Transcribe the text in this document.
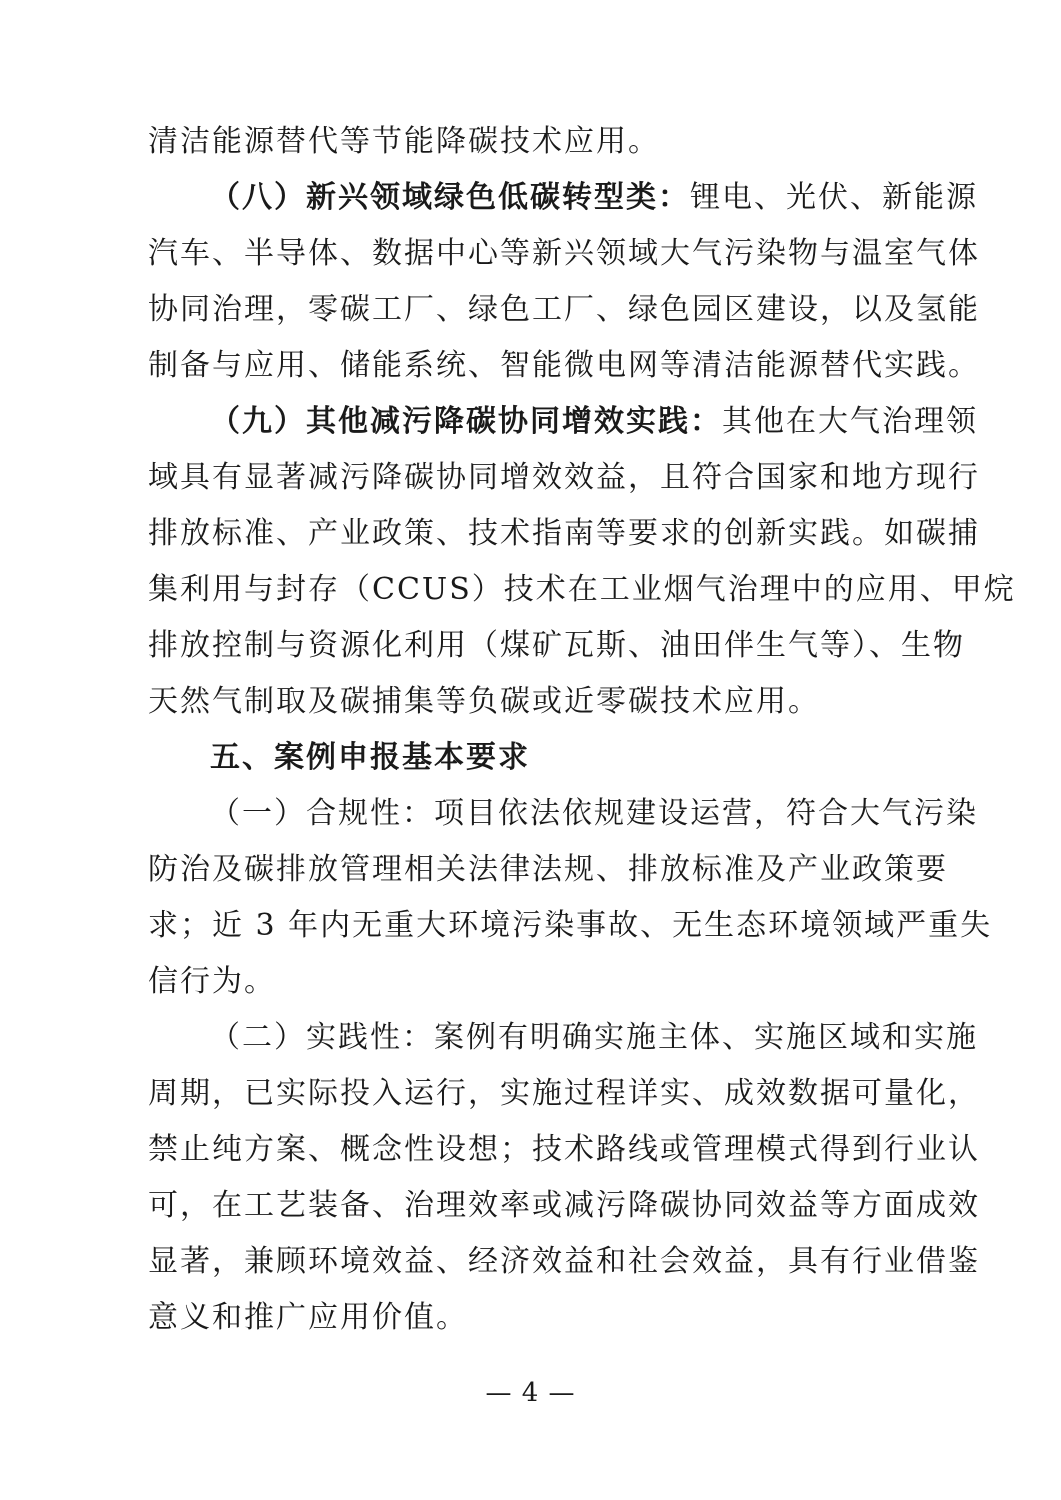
清洁能源替代等节能降碳技术应用。
（八）新兴领域绿色低碳转型类：锂电、光伏、新能源
汽车、半导体、数据中心等新兴领域大气污染物与温室气体
协同治理，零碳工厂、绿色工厂、绿色园区建设，以及氢能
制备与应用、储能系统、智能微电网等清洁能源替代实践。
（九）其他减污降碳协同增效实践：其他在大气治理领
域具有显著减污降碳协同增效效益，且符合国家和地方现行
排放标准、产业政策、技术指南等要求的创新实践。如碳捕
集利用与封存（CCUS）技术在工业烟气治理中的应用、甲烷
排放控制与资源化利用（煤矿瓦斯、油田伴生气等）、生物
天然气制取及碳捕集等负碳或近零碳技术应用。
五、案例申报基本要求
（一）合规性：项目依法依规建设运营，符合大气污染
防治及碳排放管理相关法律法规、排放标准及产业政策要
求；近 3 年内无重大环境污染事故、无生态环境领域严重失
信行为。
（二）实践性：案例有明确实施主体、实施区域和实施
周期，已实际投入运行，实施过程详实、成效数据可量化，
禁止纯方案、概念性设想；技术路线或管理模式得到行业认
可，在工艺装备、治理效率或减污降碳协同效益等方面成效
显著，兼顾环境效益、经济效益和社会效益，具有行业借鉴
意义和推广应用价值。
— 4 —
